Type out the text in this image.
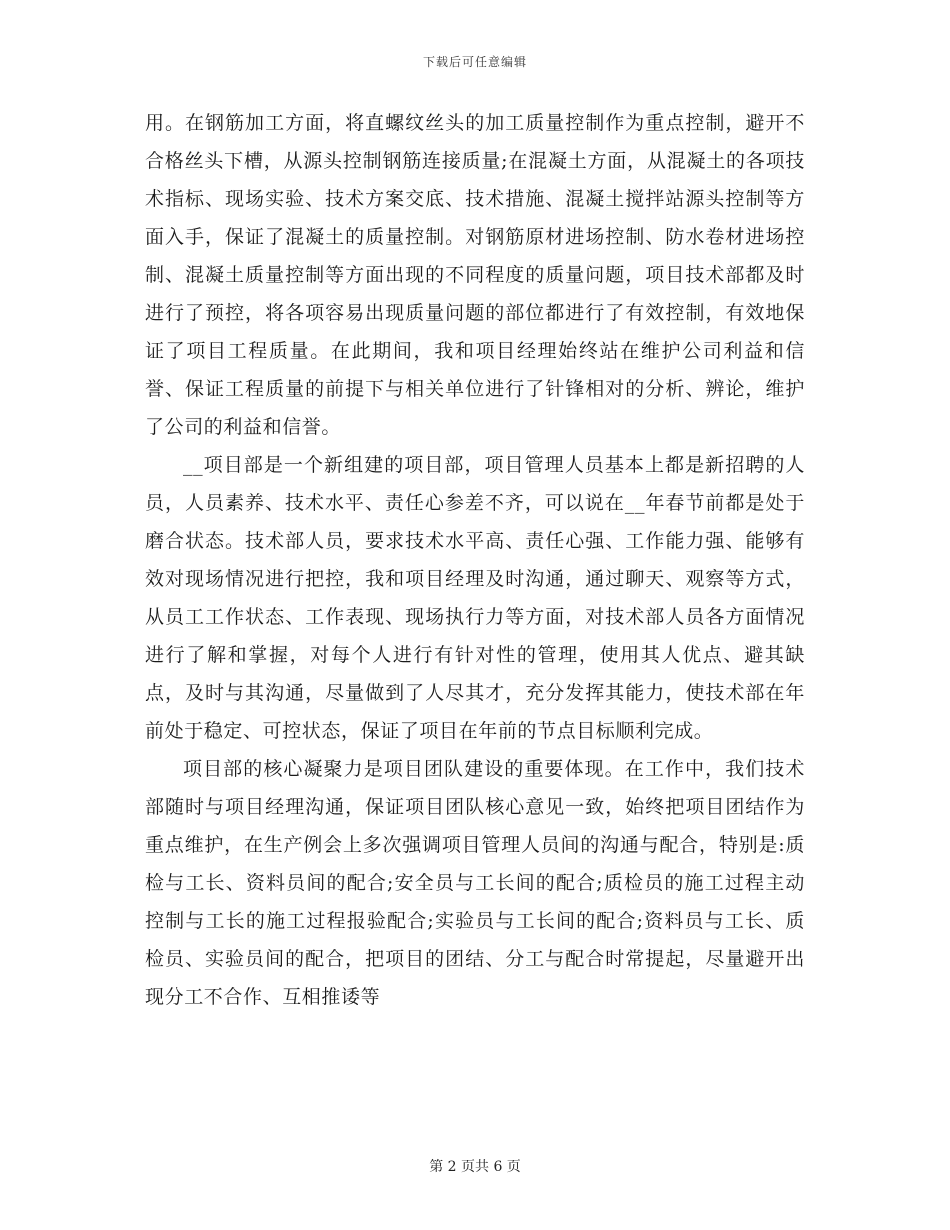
下载后可任意编辑

用。在钢筋加工方面，将直螺纹丝头的加工质量控制作为重点控制，避开不合格丝头下槽，从源头控制钢筋连接质量;在混凝土方面，从混凝土的各项技术指标、现场实验、技术方案交底、技术措施、混凝土搅拌站源头控制等方面入手，保证了混凝土的质量控制。对钢筋原材进场控制、防水卷材进场控制、混凝土质量控制等方面出现的不同程度的质量问题，项目技术部都及时进行了预控，将各项容易出现质量问题的部位都进行了有效控制，有效地保证了项目工程质量。在此期间，我和项目经理始终站在维护公司利益和信誉、保证工程质量的前提下与相关单位进行了针锋相对的分析、辨论，维护了公司的利益和信誉。

__项目部是一个新组建的项目部，项目管理人员基本上都是新招聘的人员，人员素养、技术水平、责任心参差不齐，可以说在__年春节前都是处于磨合状态。技术部人员，要求技术水平高、责任心强、工作能力强、能够有效对现场情况进行把控，我和项目经理及时沟通，通过聊天、观察等方式，从员工工作状态、工作表现、现场执行力等方面，对技术部人员各方面情况进行了解和掌握，对每个人进行有针对性的管理，使用其人优点、避其缺点，及时与其沟通，尽量做到了人尽其才，充分发挥其能力，使技术部在年前处于稳定、可控状态，保证了项目在年前的节点目标顺利完成。

项目部的核心凝聚力是项目团队建设的重要体现。在工作中，我们技术部随时与项目经理沟通，保证项目团队核心意见一致，始终把项目团结作为重点维护，在生产例会上多次强调项目管理人员间的沟通与配合，特别是:质检与工长、资料员间的配合;安全员与工长间的配合;质检员的施工过程主动控制与工长的施工过程报验配合;实验员与工长间的配合;资料员与工长、质检员、实验员间的配合，把项目的团结、分工与配合时常提起，尽量避开出现分工不合作、互相推诿等

第 2 页共 6 页
